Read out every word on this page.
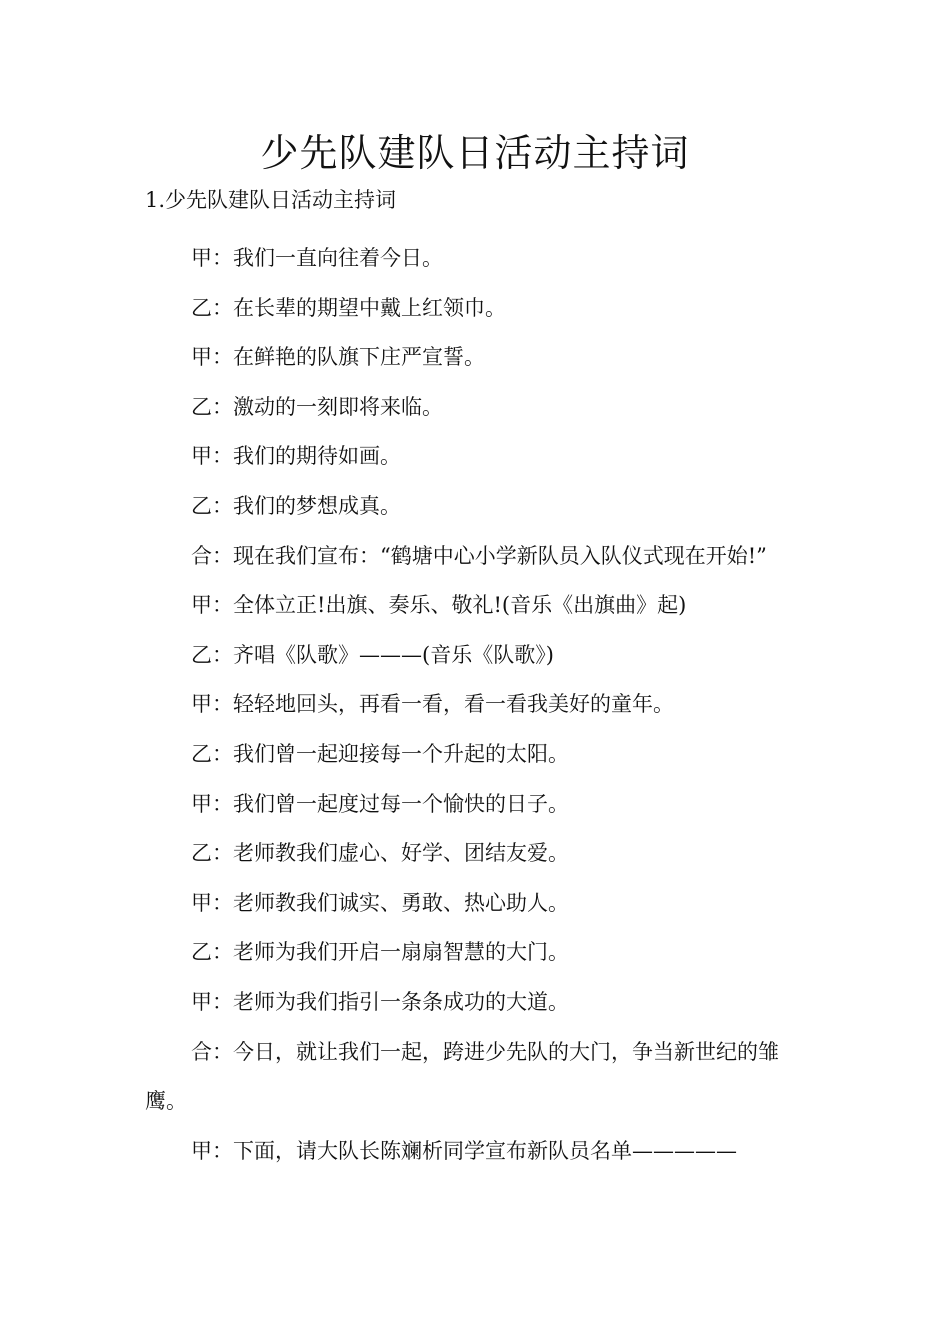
少先队建队日活动主持词
1.少先队建队日活动主持词

甲：我们一直向往着今日。

乙：在长辈的期望中戴上红领巾。

甲：在鲜艳的队旗下庄严宣誓。

乙：激动的一刻即将来临。

甲：我们的期待如画。

乙：我们的梦想成真。

合：现在我们宣布：“鹤塘中心小学新队员入队仪式现在开始!”

甲：全体立正!出旗、奏乐、敬礼!(音乐《出旗曲》起)

乙：齐唱《队歌》———(音乐《队歌》)

甲：轻轻地回头，再看一看，看一看我美好的童年。

乙：我们曾一起迎接每一个升起的太阳。

甲：我们曾一起度过每一个愉快的日子。

乙：老师教我们虚心、好学、团结友爱。

甲：老师教我们诚实、勇敢、热心助人。

乙：老师为我们开启一扇扇智慧的大门。

甲：老师为我们指引一条条成功的大道。

合：今日，就让我们一起，跨进少先队的大门，争当新世纪的雏鹰。

甲：下面，请大队长陈斓析同学宣布新队员名单—————
